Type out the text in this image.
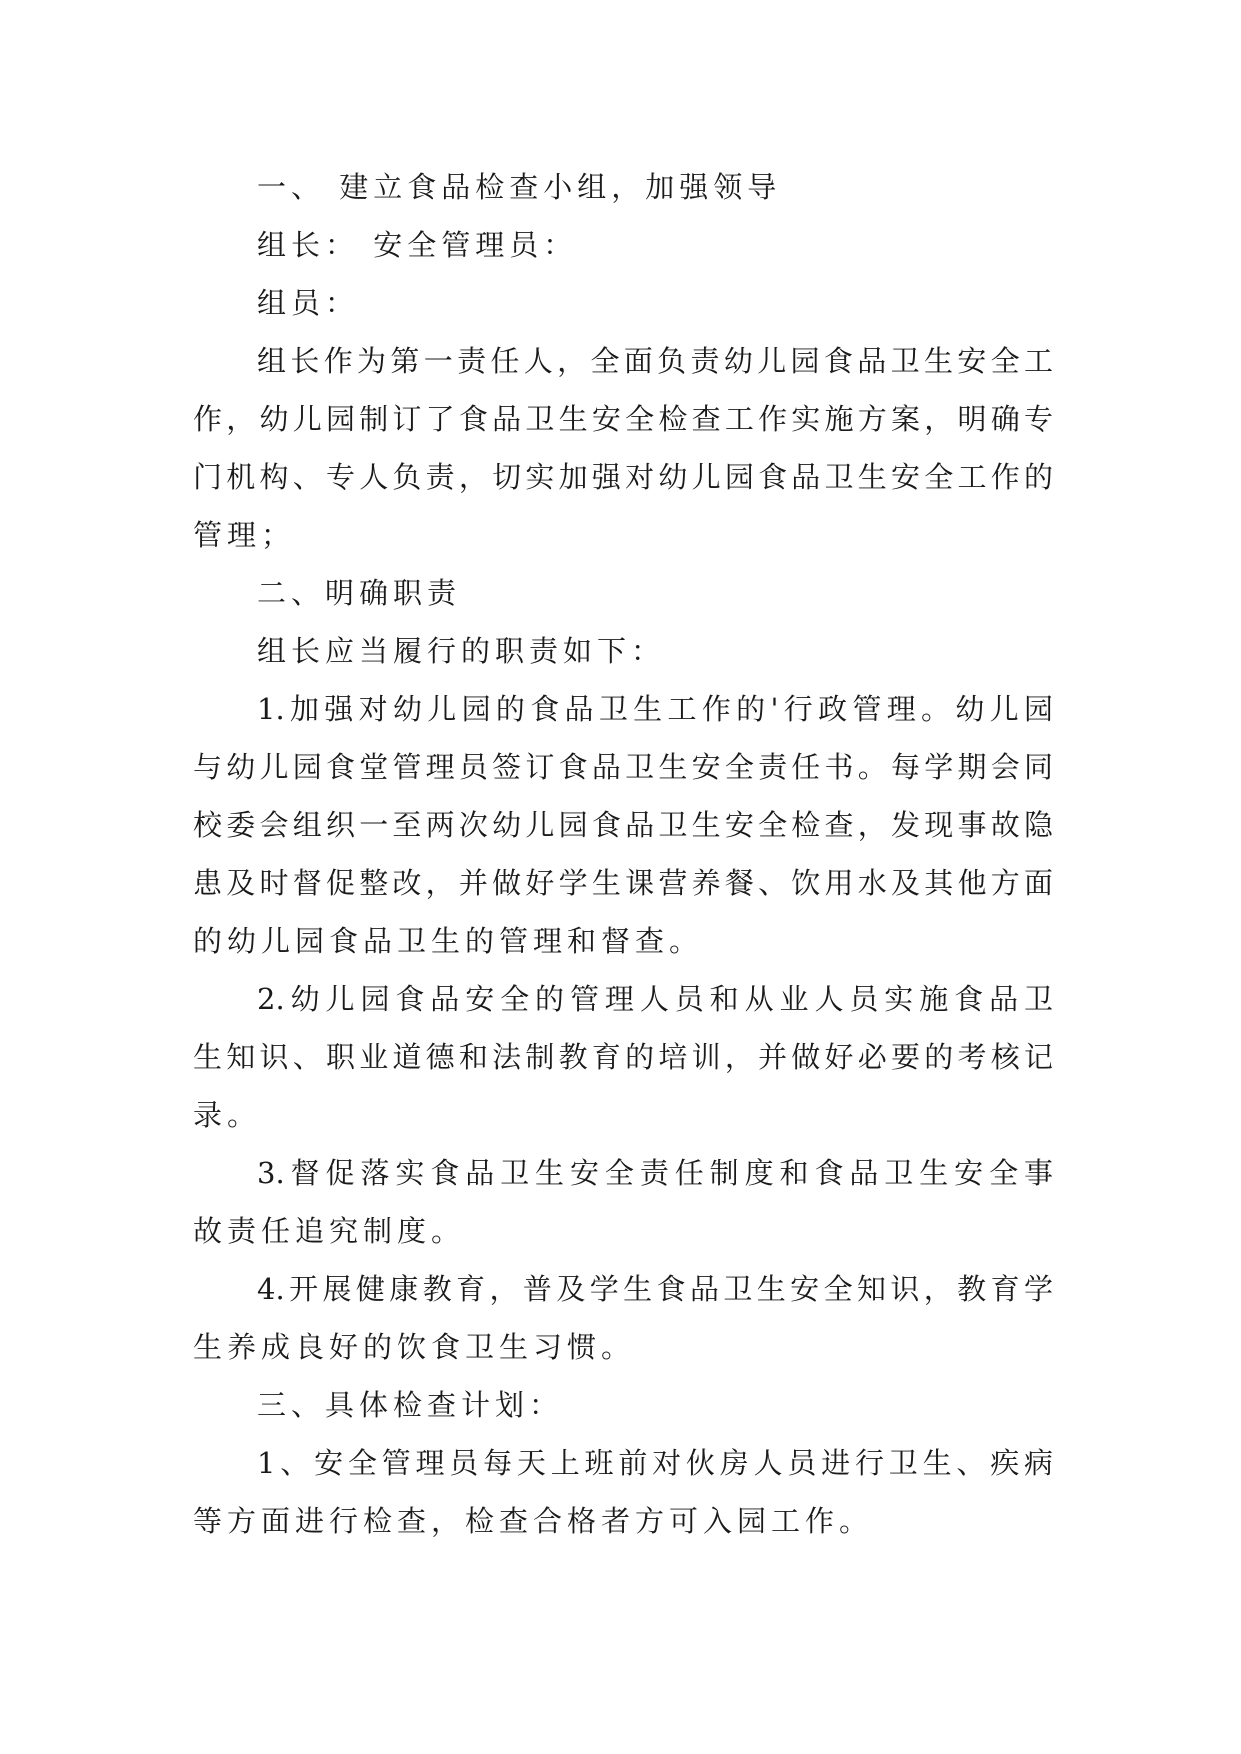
一、 建立食品检查小组，加强领导
组长： 安全管理员：
组员：
组长作为第一责任人，全面负责幼儿园食品卫生安全工
作，幼儿园制订了食品卫生安全检查工作实施方案，明确专
门机构、专人负责，切实加强对幼儿园食品卫生安全工作的
管理；
二、明确职责
组长应当履行的职责如下：
1.加强对幼儿园的食品卫生工作的'行政管理。幼儿园
与幼儿园食堂管理员签订食品卫生安全责任书。每学期会同
校委会组织一至两次幼儿园食品卫生安全检查，发现事故隐
患及时督促整改，并做好学生课营养餐、饮用水及其他方面
的幼儿园食品卫生的管理和督查。
2.幼儿园食品安全的管理人员和从业人员实施食品卫
生知识、职业道德和法制教育的培训，并做好必要的考核记
录。
3.督促落实食品卫生安全责任制度和食品卫生安全事
故责任追究制度。
4.开展健康教育，普及学生食品卫生安全知识，教育学
生养成良好的饮食卫生习惯。
三、具体检查计划：
1、安全管理员每天上班前对伙房人员进行卫生、疾病
等方面进行检查，检查合格者方可入园工作。
